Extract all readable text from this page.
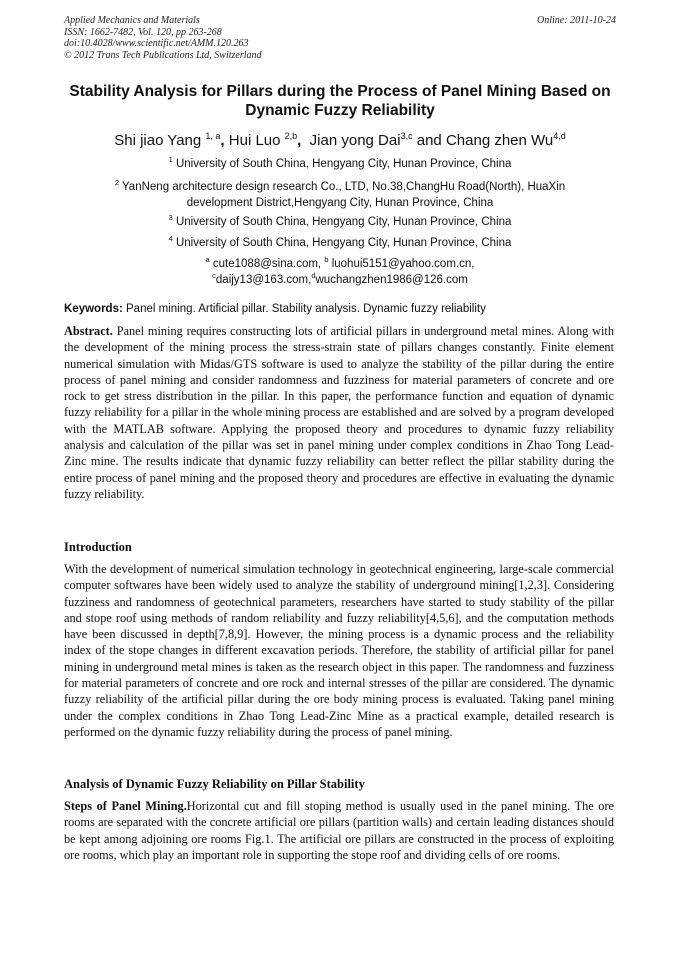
Applied Mechanics and Materials
ISSN: 1662-7482, Vol. 120, pp 263-268
doi:10.4028/www.scientific.net/AMM.120.263
© 2012 Trans Tech Publications Ltd, Switzerland
Online: 2011-10-24
Stability Analysis for Pillars during the Process of Panel Mining Based on Dynamic Fuzzy Reliability
Shi jiao Yang $^{1, a}$, Hui Luo $^{2,b}$, Jian yong Dai$^{3,c}$ and Chang zhen Wu$^{4,d}$
$^1$ University of South China, Hengyang City, Hunan Province, China
$^2$ YanNeng architecture design research Co., LTD, No.38,ChangHu Road(North), HuaXin development District,Hengyang City, Hunan Province, China
$^3$ University of South China, Hengyang City, Hunan Province, China
$^4$ University of South China, Hengyang City, Hunan Province, China
$^a$ cute1088@sina.com, $^b$ luohui5151@yahoo.com.cn,
$^c$daijy13@163.com,$^d$wuchangzhen1986@126.com
Keywords: Panel mining. Artificial pillar. Stability analysis. Dynamic fuzzy reliability
Abstract. Panel mining requires constructing lots of artificial pillars in underground metal mines. Along with the development of the mining process the stress-strain state of pillars changes constantly. Finite element numerical simulation with Midas/GTS software is used to analyze the stability of the pillar during the entire process of panel mining and consider randomness and fuzziness for material parameters of concrete and ore rock to get stress distribution in the pillar. In this paper, the performance function and equation of dynamic fuzzy reliability for a pillar in the whole mining process are established and are solved by a program developed with the MATLAB software. Applying the proposed theory and procedures to dynamic fuzzy reliability analysis and calculation of the pillar was set in panel mining under complex conditions in Zhao Tong Lead-Zinc mine. The results indicate that dynamic fuzzy reliability can better reflect the pillar stability during the entire process of panel mining and the proposed theory and procedures are effective in evaluating the dynamic fuzzy reliability.
Introduction
With the development of numerical simulation technology in geotechnical engineering, large-scale commercial computer softwares have been widely used to analyze the stability of underground mining[1,2,3]. Considering fuzziness and randomness of geotechnical parameters, researchers have started to study stability of the pillar and stope roof using methods of random reliability and fuzzy reliability[4,5,6], and the computation methods have been discussed in depth[7,8,9]. However, the mining process is a dynamic process and the reliability index of the stope changes in different excavation periods. Therefore, the stability of artificial pillar for panel mining in underground metal mines is taken as the research object in this paper. The randomness and fuzziness for material parameters of concrete and ore rock and internal stresses of the pillar are considered. The dynamic fuzzy reliability of the artificial pillar during the ore body mining process is evaluated. Taking panel mining under the complex conditions in Zhao Tong Lead-Zinc Mine as a practical example, detailed research is performed on the dynamic fuzzy reliability during the process of panel mining.
Analysis of Dynamic Fuzzy Reliability on Pillar Stability
Steps of Panel Mining.Horizontal cut and fill stoping method is usually used in the panel mining. The ore rooms are separated with the concrete artificial ore pillars (partition walls) and certain leading distances should be kept among adjoining ore rooms Fig.1. The artificial ore pillars are constructed in the process of exploiting ore rooms, which play an important role in supporting the stope roof and dividing cells of ore rooms.
